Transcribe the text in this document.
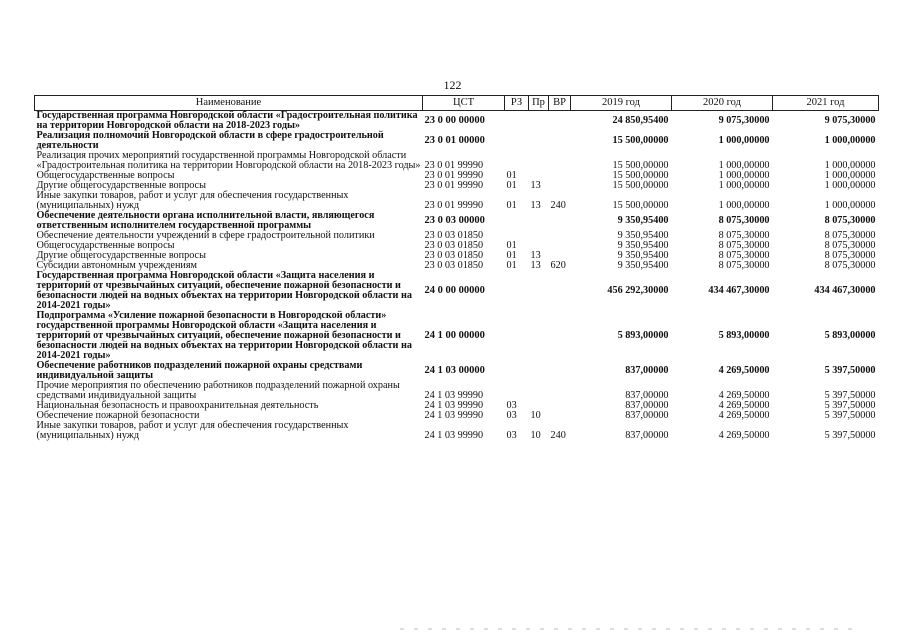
122
Наименование	ЦСТ	РЗ	Пр	ВР	2019 год	2020 год	2021 год
Государственная программа Новгородской области «Градостроительная политика на территории Новгородской области на 2018-2023 годы»	23 0 00 00000				24 850,95400	9 075,30000	9 075,30000
Реализация полномочий Новгородской области в сфере градостроительной деятельности	23 0 01 00000				15 500,00000	1 000,00000	1 000,00000
Реализация прочих мероприятий государственной программы Новгородской области «Градостроительная политика на территории Новгородской области на 2018-2023 годы»	23 0 01 99990				15 500,00000	1 000,00000	1 000,00000
Общегосударственные вопросы	23 0 01 99990	01			15 500,00000	1 000,00000	1 000,00000
Другие общегосударственные вопросы	23 0 01 99990	01	13		15 500,00000	1 000,00000	1 000,00000
Иные закупки товаров, работ и услуг для обеспечения государственных (муниципальных) нужд	23 0 01 99990	01	13	240	15 500,00000	1 000,00000	1 000,00000
Обеспечение деятельности органа исполнительной власти, являющегося ответственным исполнителем государственной программы	23 0 03 00000				9 350,95400	8 075,30000	8 075,30000
Обеспечение деятельности учреждений в сфере градостроительной политики	23 0 03 01850				9 350,95400	8 075,30000	8 075,30000
Общегосударственные вопросы	23 0 03 01850	01			9 350,95400	8 075,30000	8 075,30000
Другие общегосударственные вопросы	23 0 03 01850	01	13		9 350,95400	8 075,30000	8 075,30000
Субсидии автономным учреждениям	23 0 03 01850	01	13	620	9 350,95400	8 075,30000	8 075,30000
Государственная программа Новгородской области «Защита населения и территорий от чрезвычайных ситуаций, обеспечение пожарной безопасности и безопасности людей на водных объектах на территории Новгородской области на 2014-2021 годы»	24 0 00 00000				456 292,30000	434 467,30000	434 467,30000
Подпрограмма «Усиление пожарной безопасности в Новгородской области» государственной программы Новгородской области «Защита населения и территорий от чрезвычайных ситуаций, обеспечение пожарной безопасности и безопасности людей на водных объектах на территории Новгородской области на 2014-2021 годы»	24 1 00 00000				5 893,00000	5 893,00000	5 893,00000
Обеспечение работников подразделений пожарной охраны средствами индивидуальной защиты	24 1 03 00000				837,00000	4 269,50000	5 397,50000
Прочие мероприятия по обеспечению работников подразделений пожарной охраны средствами индивидуальной защиты	24 1 03 99990				837,00000	4 269,50000	5 397,50000
Национальная безопасность и правоохранительная деятельность	24 1 03 99990	03			837,00000	4 269,50000	5 397,50000
Обеспечение пожарной безопасности	24 1 03 99990	03	10		837,00000	4 269,50000	5 397,50000
Иные закупки товаров, работ и услуг для обеспечения государственных (муниципальных) нужд	24 1 03 99990	03	10	240	837,00000	4 269,50000	5 397,50000
